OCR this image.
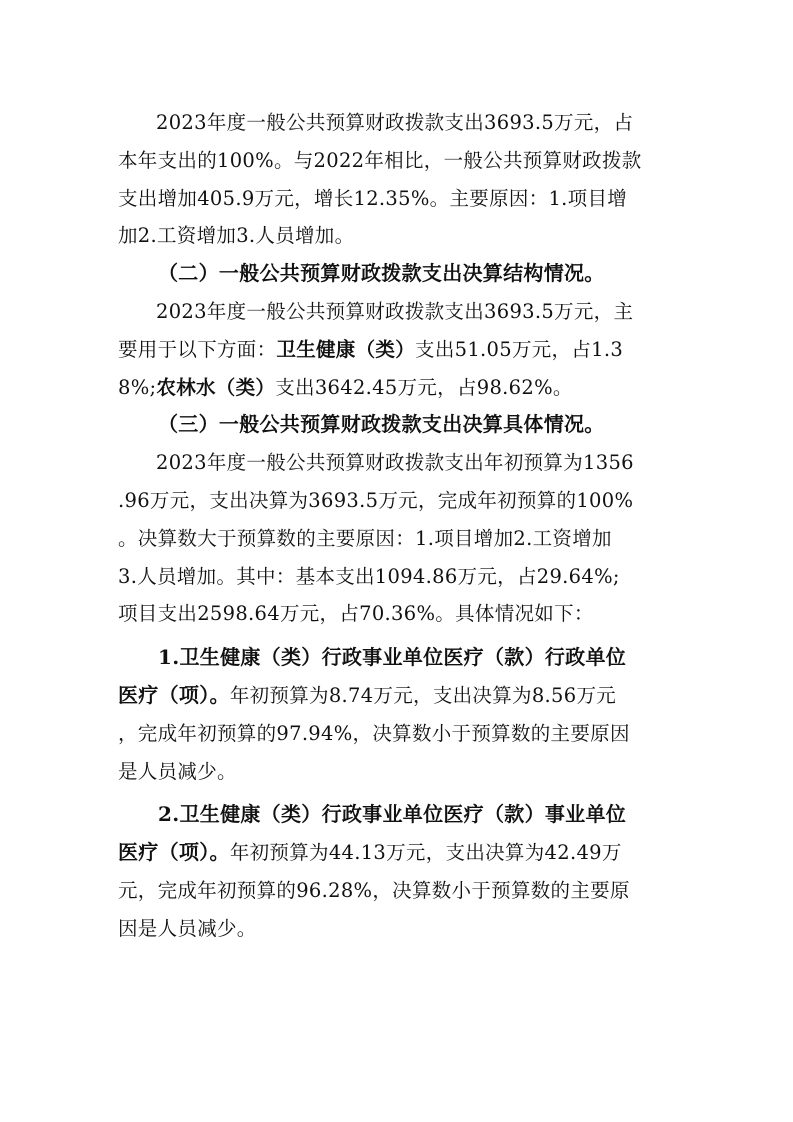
2023年度一般公共预算财政拨款支出3693.5万元，占
本年支出的100%。与2022年相比，一般公共预算财政拨款
支出增加405.9万元，增长12.35%。主要原因：1.项目增
加2.工资增加3.人员增加。
（二）一般公共预算财政拨款支出决算结构情况。
2023年度一般公共预算财政拨款支出3693.5万元，主
要用于以下方面：卫生健康（类）支出51.05万元，占1.3
8%;农林水（类）支出3642.45万元，占98.62%。
（三）一般公共预算财政拨款支出决算具体情况。
2023年度一般公共预算财政拨款支出年初预算为1356
.96万元，支出决算为3693.5万元，完成年初预算的100%
。决算数大于预算数的主要原因：1.项目增加2.工资增加
3.人员增加。其中：基本支出1094.86万元，占29.64%;
项目支出2598.64万元，占70.36%。具体情况如下：
1.卫生健康（类）行政事业单位医疗（款）行政单位
医疗（项）。年初预算为8.74万元，支出决算为8.56万元
，完成年初预算的97.94%，决算数小于预算数的主要原因
是人员减少。
2.卫生健康（类）行政事业单位医疗（款）事业单位
医疗（项）。年初预算为44.13万元，支出决算为42.49万
元，完成年初预算的96.28%，决算数小于预算数的主要原
因是人员减少。
